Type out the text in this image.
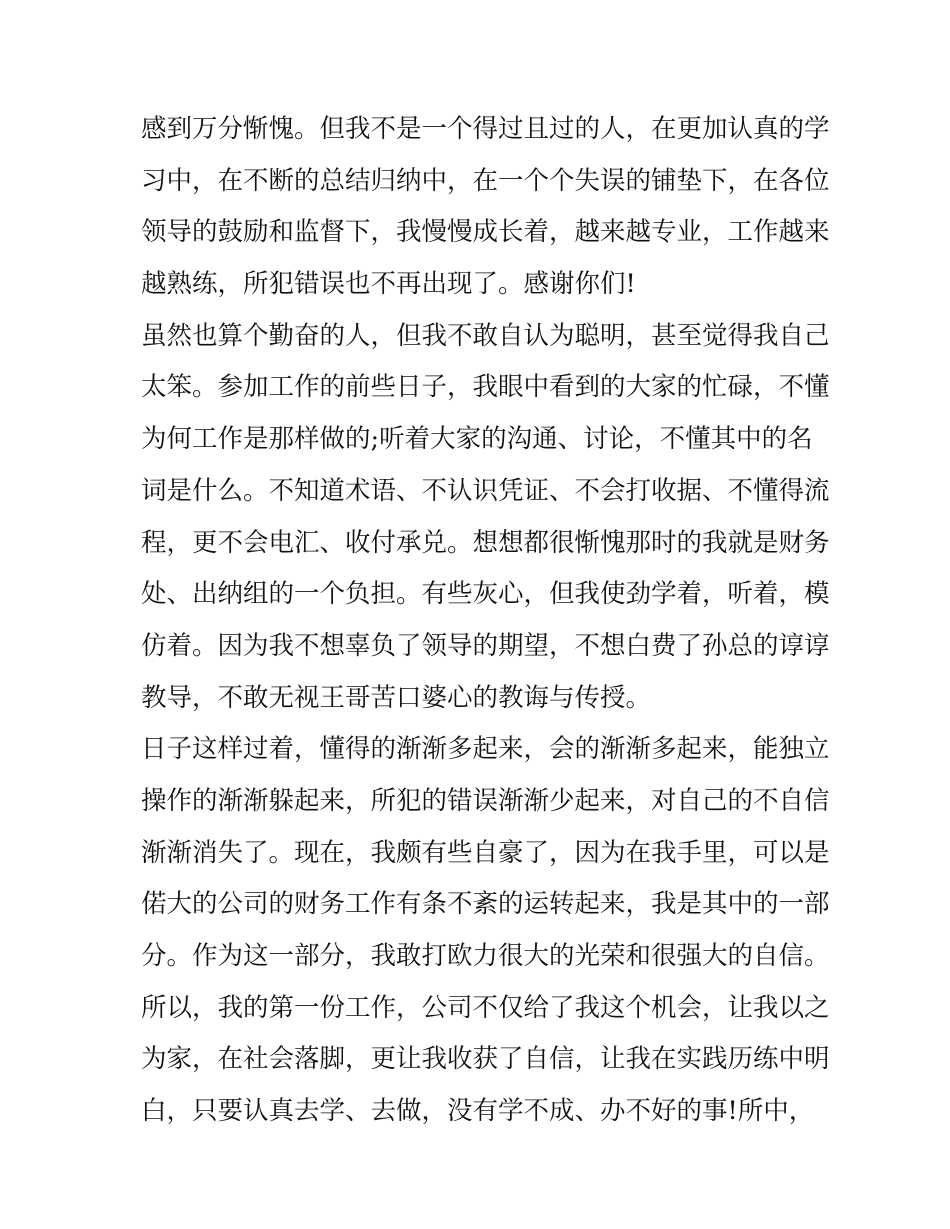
感到万分惭愧。但我不是一个得过且过的人，在更加认真的学
习中，在不断的总结归纳中，在一个个失误的铺垫下，在各位
领导的鼓励和监督下，我慢慢成长着，越来越专业，工作越来
越熟练，所犯错误也不再出现了。感谢你们!
虽然也算个勤奋的人，但我不敢自认为聪明，甚至觉得我自己
太笨。参加工作的前些日子，我眼中看到的大家的忙碌，不懂
为何工作是那样做的;听着大家的沟通、讨论，不懂其中的名
词是什么。不知道术语、不认识凭证、不会打收据、不懂得流
程，更不会电汇、收付承兑。想想都很惭愧那时的我就是财务
处、出纳组的一个负担。有些灰心，但我使劲学着，听着，模
仿着。因为我不想辜负了领导的期望，不想白费了孙总的谆谆
教导，不敢无视王哥苦口婆心的教诲与传授。
日子这样过着，懂得的渐渐多起来，会的渐渐多起来，能独立
操作的渐渐躲起来，所犯的错误渐渐少起来，对自己的不自信
渐渐消失了。现在，我颇有些自豪了，因为在我手里，可以是
偌大的公司的财务工作有条不紊的运转起来，我是其中的一部
分。作为这一部分，我敢打欧力很大的光荣和很强大的自信。
所以，我的第一份工作，公司不仅给了我这个机会，让我以之
为家，在社会落脚，更让我收获了自信，让我在实践历练中明
白，只要认真去学、去做，没有学不成、办不好的事!所中，
